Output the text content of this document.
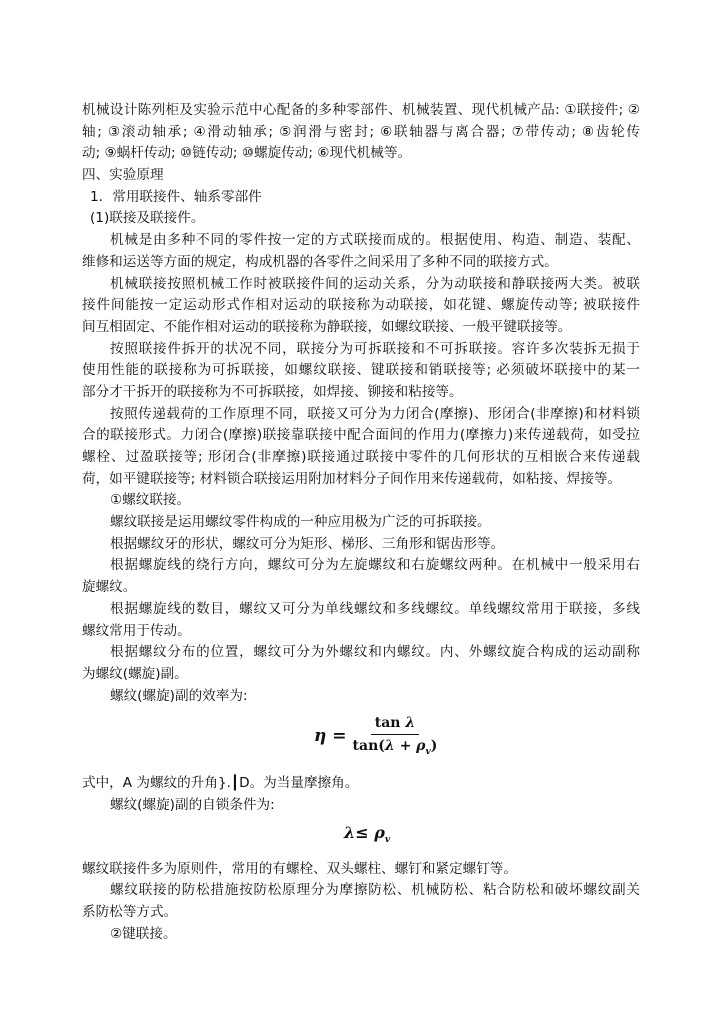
机械设计陈列柜及实验示范中心配备的多种零部件、机械装置、现代机械产品: ①联接件; ②
轴; ③滚动轴承; ④滑动轴承; ⑤润滑与密封; ⑥联轴器与离合器; ⑦带传动; ⑧齿轮传
动; ⑨蜗杆传动; ⑩链传动; ⑩螺旋传动; ⑥现代机械等。
四、实验原理
1．常用联接件、轴系零部件
(1)联接及联接件。
机械是由多种不同的零件按一定的方式联接而成的。根据使用、构造、制造、装配、
维修和运送等方面的规定，构成机器的各零件之间采用了多种不同的联接方式。
机械联接按照机械工作时被联接件间的运动关系，分为动联接和静联接两大类。被联
接件间能按一定运动形式作相对运动的联接称为动联接，如花键、螺旋传动等; 被联接件
间互相固定、不能作相对运动的联接称为静联接，如螺纹联接、一般平键联接等。
按照联接件拆开的状况不同，联接分为可拆联接和不可拆联接。容许多次装拆无损于
使用性能的联接称为可拆联接，如螺纹联接、键联接和销联接等; 必须破坏联接中的某一
部分才干拆开的联接称为不可拆联接，如焊接、铆接和粘接等。
按照传递载荷的工作原理不同，联接又可分为力闭合(摩擦)、形闭合(非摩擦)和材料锁
合的联接形式。力闭合(摩擦)联接靠联接中配合面间的作用力(摩擦力)来传递载荷，如受拉
螺栓、过盈联接等; 形闭合(非摩擦)联接通过联接中零件的几何形状的互相嵌合来传递载
荷，如平键联接等; 材料锁合联接运用附加材料分子间作用来传递载荷，如粘接、焊接等。
①螺纹联接。
螺纹联接是运用螺纹零件构成的一种应用极为广泛的可拆联接。
根据螺纹牙的形状，螺纹可分为矩形、梯形、三角形和锯齿形等。
根据螺旋线的绕行方向，螺纹可分为左旋螺纹和右旋螺纹两种。在机械中一般采用右
旋螺纹。
根据螺旋线的数目，螺纹又可分为单线螺纹和多线螺纹。单线螺纹常用于联接，多线
螺纹常用于传动。
根据螺纹分布的位置，螺纹可分为外螺纹和内螺纹。内、外螺纹旋合构成的运动副称
为螺纹(螺旋)副。
螺纹(螺旋)副的效率为:
$\eta = \frac{\text{tan λ}}{\tan(\lambda + \rho_v)}$
式中，A 为螺纹的升角}.┃D。为当量摩擦角。
螺纹(螺旋)副的自锁条件为:
$\lambda\le \rho_v$
螺纹联接件多为原则件，常用的有螺栓、双头螺柱、螺钉和紧定螺钉等。
螺纹联接的防松措施按防松原理分为摩擦防松、机械防松、粘合防松和破坏螺纹副关
系防松等方式。
②键联接。
